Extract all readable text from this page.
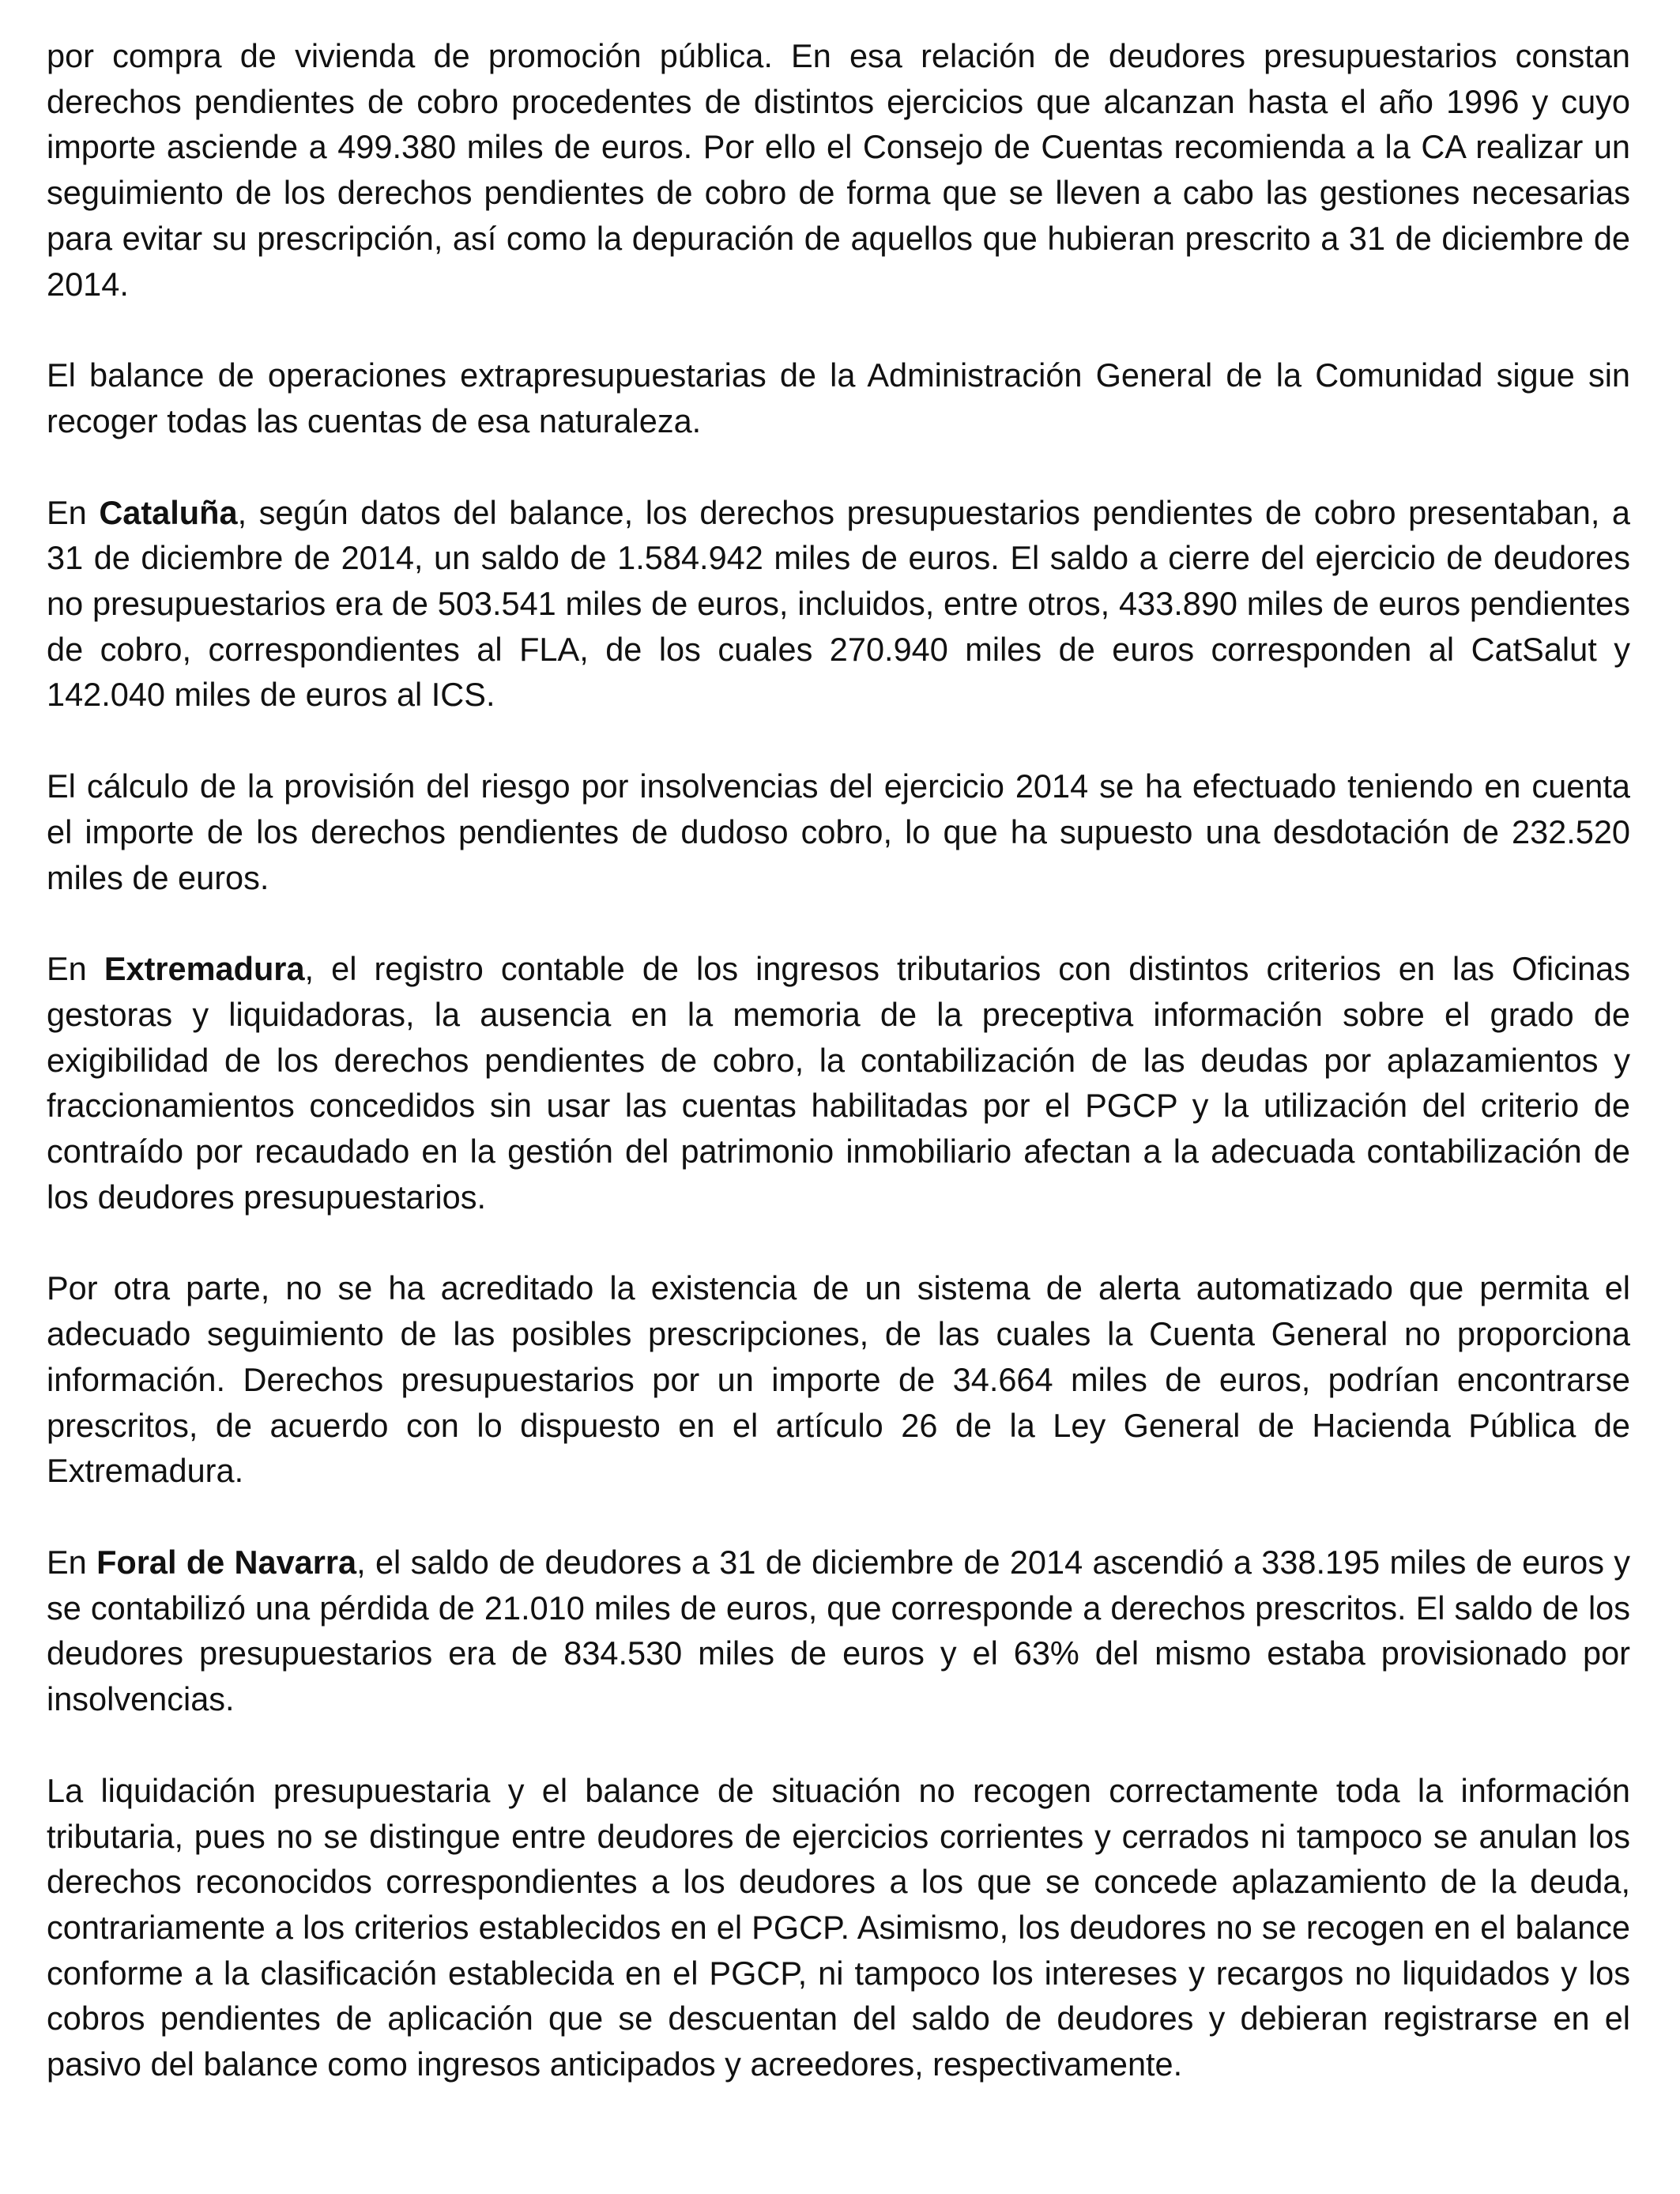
por compra de vivienda de promoción pública. En esa relación de deudores presupuestarios constan derechos pendientes de cobro procedentes de distintos ejercicios que alcanzan hasta el año 1996 y cuyo importe asciende a 499.380 miles de euros. Por ello el Consejo de Cuentas recomienda a la CA realizar un seguimiento de los derechos pendientes de cobro de forma que se lleven a cabo las gestiones necesarias para evitar su prescripción, así como la depuración de aquellos que hubieran prescrito a 31 de diciembre de 2014.

El balance de operaciones extrapresupuestarias de la Administración General de la Comunidad sigue sin recoger todas las cuentas de esa naturaleza.

En Cataluña, según datos del balance, los derechos presupuestarios pendientes de cobro presentaban, a 31 de diciembre de 2014, un saldo de 1.584.942 miles de euros. El saldo a cierre del ejercicio de deudores no presupuestarios era de 503.541 miles de euros, incluidos, entre otros, 433.890 miles de euros pendientes de cobro, correspondientes al FLA, de los cuales 270.940 miles de euros corresponden al CatSalut y 142.040 miles de euros al ICS.

El cálculo de la provisión del riesgo por insolvencias del ejercicio 2014 se ha efectuado teniendo en cuenta el importe de los derechos pendientes de dudoso cobro, lo que ha supuesto una desdotación de 232.520 miles de euros.

En Extremadura, el registro contable de los ingresos tributarios con distintos criterios en las Oficinas gestoras y liquidadoras, la ausencia en la memoria de la preceptiva información sobre el grado de exigibilidad de los derechos pendientes de cobro, la contabilización de las deudas por aplazamientos y fraccionamientos concedidos sin usar las cuentas habilitadas por el PGCP y la utilización del criterio de contraído por recaudado en la gestión del patrimonio inmobiliario afectan a la adecuada contabilización de los deudores presupuestarios.

Por otra parte, no se ha acreditado la existencia de un sistema de alerta automatizado que permita el adecuado seguimiento de las posibles prescripciones, de las cuales la Cuenta General no proporciona información. Derechos presupuestarios por un importe de 34.664 miles de euros, podrían encontrarse prescritos, de acuerdo con lo dispuesto en el artículo 26 de la Ley General de Hacienda Pública de Extremadura.

En Foral de Navarra, el saldo de deudores a 31 de diciembre de 2014 ascendió a 338.195 miles de euros y se contabilizó una pérdida de 21.010 miles de euros, que corresponde a derechos prescritos. El saldo de los deudores presupuestarios era de 834.530 miles de euros y el 63% del mismo estaba provisionado por insolvencias.

La liquidación presupuestaria y el balance de situación no recogen correctamente toda la información tributaria, pues no se distingue entre deudores de ejercicios corrientes y cerrados ni tampoco se anulan los derechos reconocidos correspondientes a los deudores a los que se concede aplazamiento de la deuda, contrariamente a los criterios establecidos en el PGCP. Asimismo, los deudores no se recogen en el balance conforme a la clasificación establecida en el PGCP, ni tampoco los intereses y recargos no liquidados y los cobros pendientes de aplicación que se descuentan del saldo de deudores y debieran registrarse en el pasivo del balance como ingresos anticipados y acreedores, respectivamente.
